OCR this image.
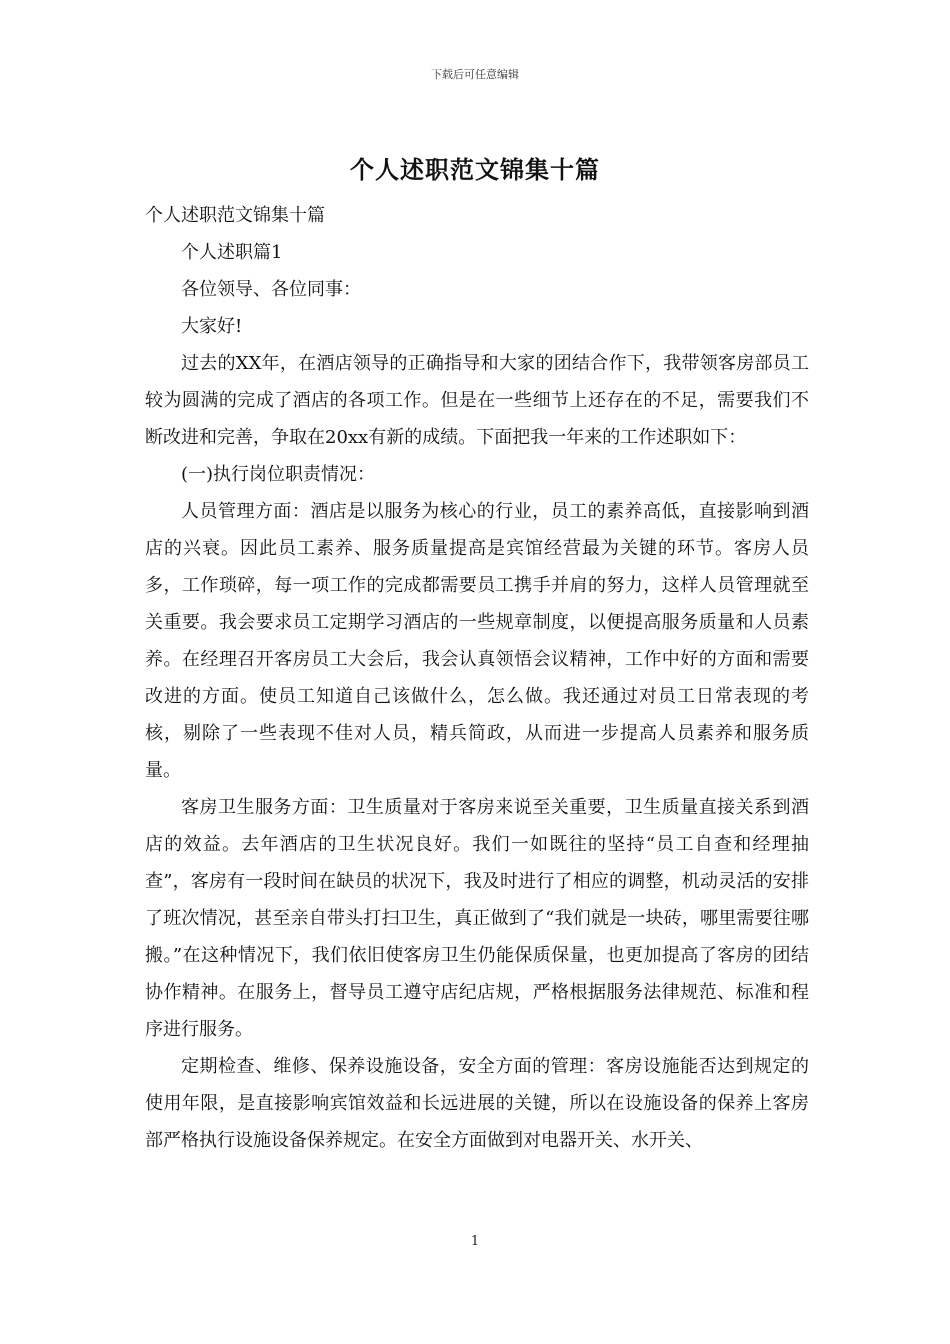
下载后可任意编辑
个人述职范文锦集十篇

个人述职范文锦集十篇

个人述职篇1

各位领导、各位同事：

大家好!

过去的XX年，在酒店领导的正确指导和大家的团结合作下，我带领客房部员工较为圆满的完成了酒店的各项工作。但是在一些细节上还存在的不足，需要我们不断改进和完善，争取在20xx有新的成绩。下面把我一年来的工作述职如下：

(一)执行岗位职责情况：

人员管理方面：酒店是以服务为核心的行业，员工的素养高低，直接影响到酒店的兴衰。因此员工素养、服务质量提高是宾馆经营最为关键的环节。客房人员多，工作琐碎，每一项工作的完成都需要员工携手并肩的努力，这样人员管理就至关重要。我会要求员工定期学习酒店的一些规章制度，以便提高服务质量和人员素养。在经理召开客房员工大会后，我会认真领悟会议精神，工作中好的方面和需要改进的方面。使员工知道自己该做什么，怎么做。我还通过对员工日常表现的考核，剔除了一些表现不佳对人员，精兵简政，从而进一步提高人员素养和服务质量。

客房卫生服务方面：卫生质量对于客房来说至关重要，卫生质量直接关系到酒店的效益。去年酒店的卫生状况良好。我们一如既往的坚持“员工自查和经理抽查”，客房有一段时间在缺员的状况下，我及时进行了相应的调整，机动灵活的安排了班次情况，甚至亲自带头打扫卫生，真正做到了“我们就是一块砖，哪里需要往哪搬。”在这种情况下，我们依旧使客房卫生仍能保质保量，也更加提高了客房的团结协作精神。在服务上，督导员工遵守店纪店规，严格根据服务法律规范、标准和程序进行服务。

定期检查、维修、保养设施设备，安全方面的管理：客房设施能否达到规定的使用年限，是直接影响宾馆效益和长远进展的关键，所以在设施设备的保养上客房部严格执行设施设备保养规定。在安全方面做到对电器开关、水开关、

1
